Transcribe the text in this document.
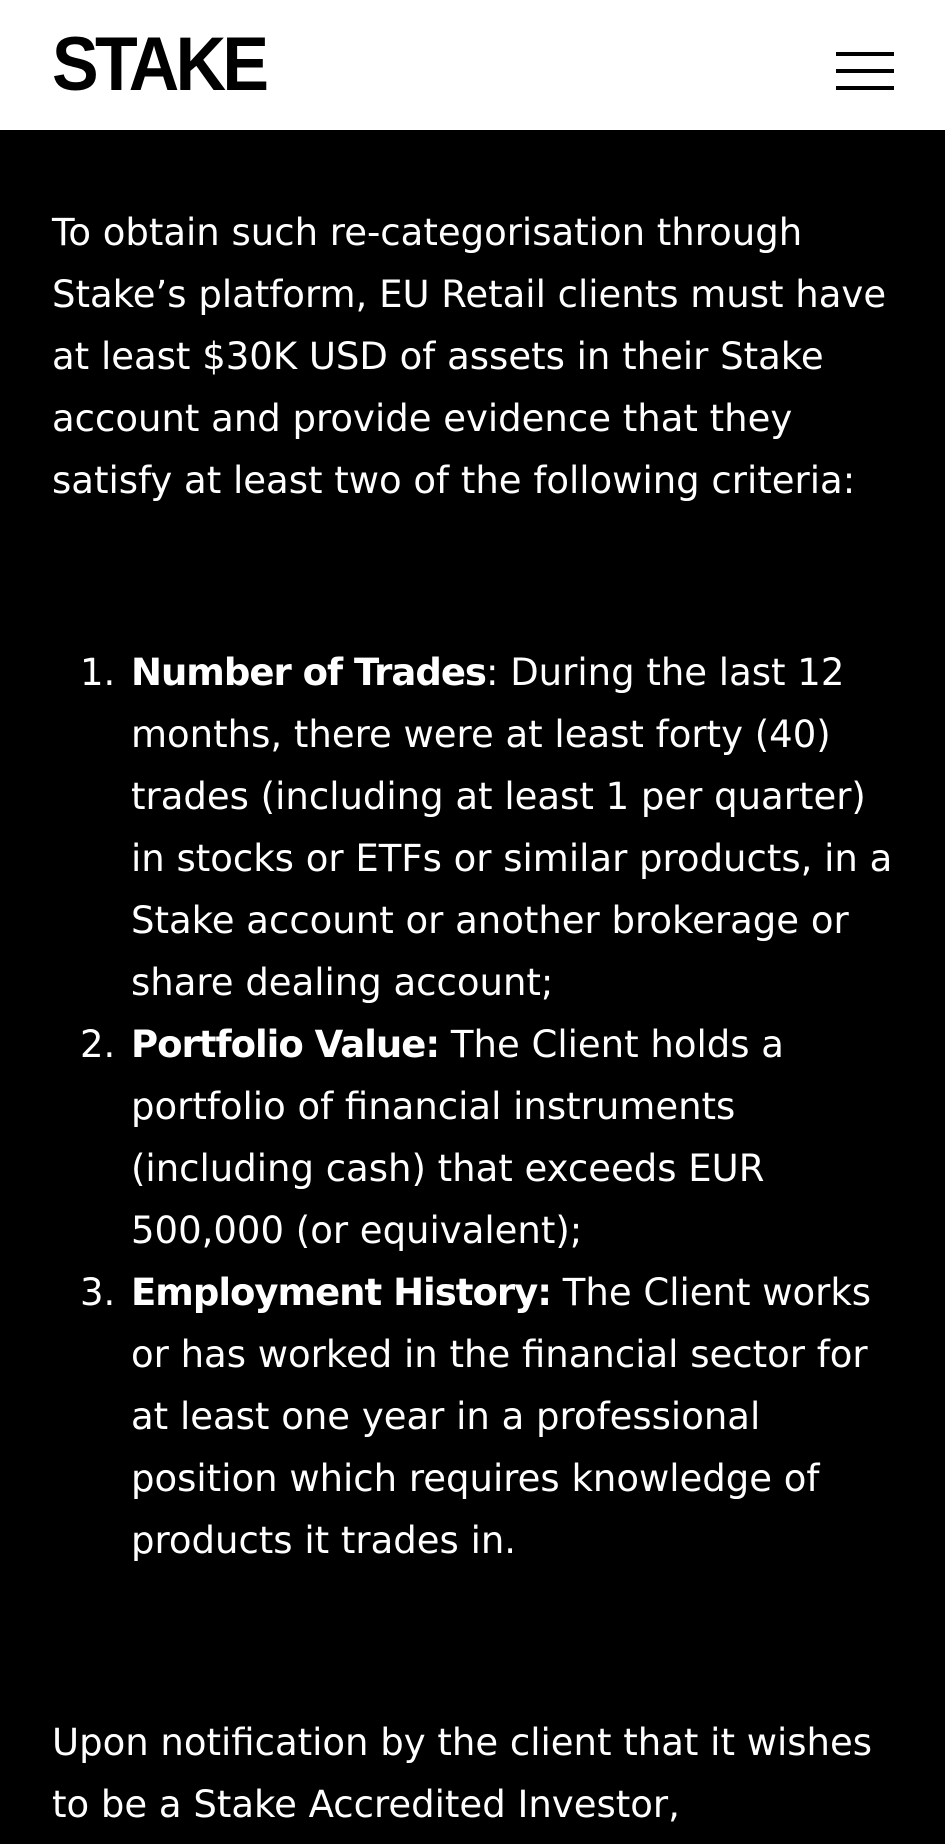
STAKE

To obtain such re-categorisation through Stake’s platform, EU Retail clients must have at least $30K USD of assets in their Stake account and provide evidence that they satisfy at least two of the following criteria:

1. Number of Trades: During the last 12 months, there were at least forty (40) trades (including at least 1 per quarter) in stocks or ETFs or similar products, in a Stake account or another brokerage or share dealing account;
2. Portfolio Value: The Client holds a portfolio of financial instruments (including cash) that exceeds EUR 500,000 (or equivalent);
3. Employment History: The Client works or has worked in the financial sector for at least one year in a professional position which requires knowledge of products it trades in.

Upon notification by the client that it wishes to be a Stake Accredited Investor,
